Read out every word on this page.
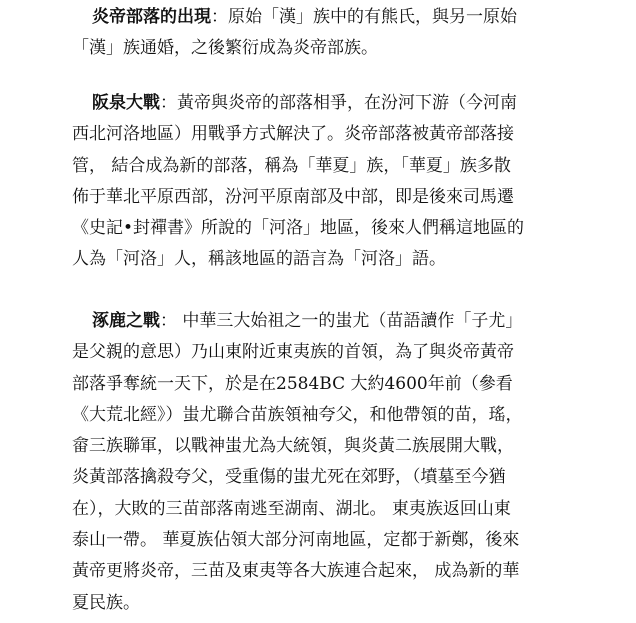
炎帝部落的出現：原始「漢」族中的有熊氏，與另一原始
「漢」族通婚，之後繁衍成為炎帝部族。
阪泉大戰：黃帝與炎帝的部落相爭，在汾河下游（今河南
西北河洛地區）用戰爭方式解決了。炎帝部落被黃帝部落接
管， 結合成為新的部落，稱為「華夏」族，「華夏」族多散
佈于華北平原西部，汾河平原南部及中部，即是後來司馬遷
《史記•封禪書》所說的「河洛」地區，後來人們稱這地區的
人為「河洛」人，稱該地區的語言為「河洛」語。
涿鹿之戰： 中華三大始祖之一的蚩尤（苗語讀作「子尤」
是父親的意思）乃山東附近東夷族的首領，為了與炎帝黃帝
部落爭奪統一天下，於是在2584BC 大約4600年前（參看
《大荒北經》）蚩尤聯合苗族領袖夸父，和他帶領的苗，瑤，
畲三族聯軍，以戰神蚩尤為大統領，與炎黃二族展開大戰，
炎黃部落擒殺夸父，受重傷的蚩尤死在郊野，（墳墓至今猶
在），大敗的三苗部落南逃至湖南、湖北。 東夷族返回山東
泰山一帶。 華夏族佔領大部分河南地區，定都于新鄭，後來
黃帝更將炎帝，三苗及東夷等各大族連合起來， 成為新的華
夏民族。
